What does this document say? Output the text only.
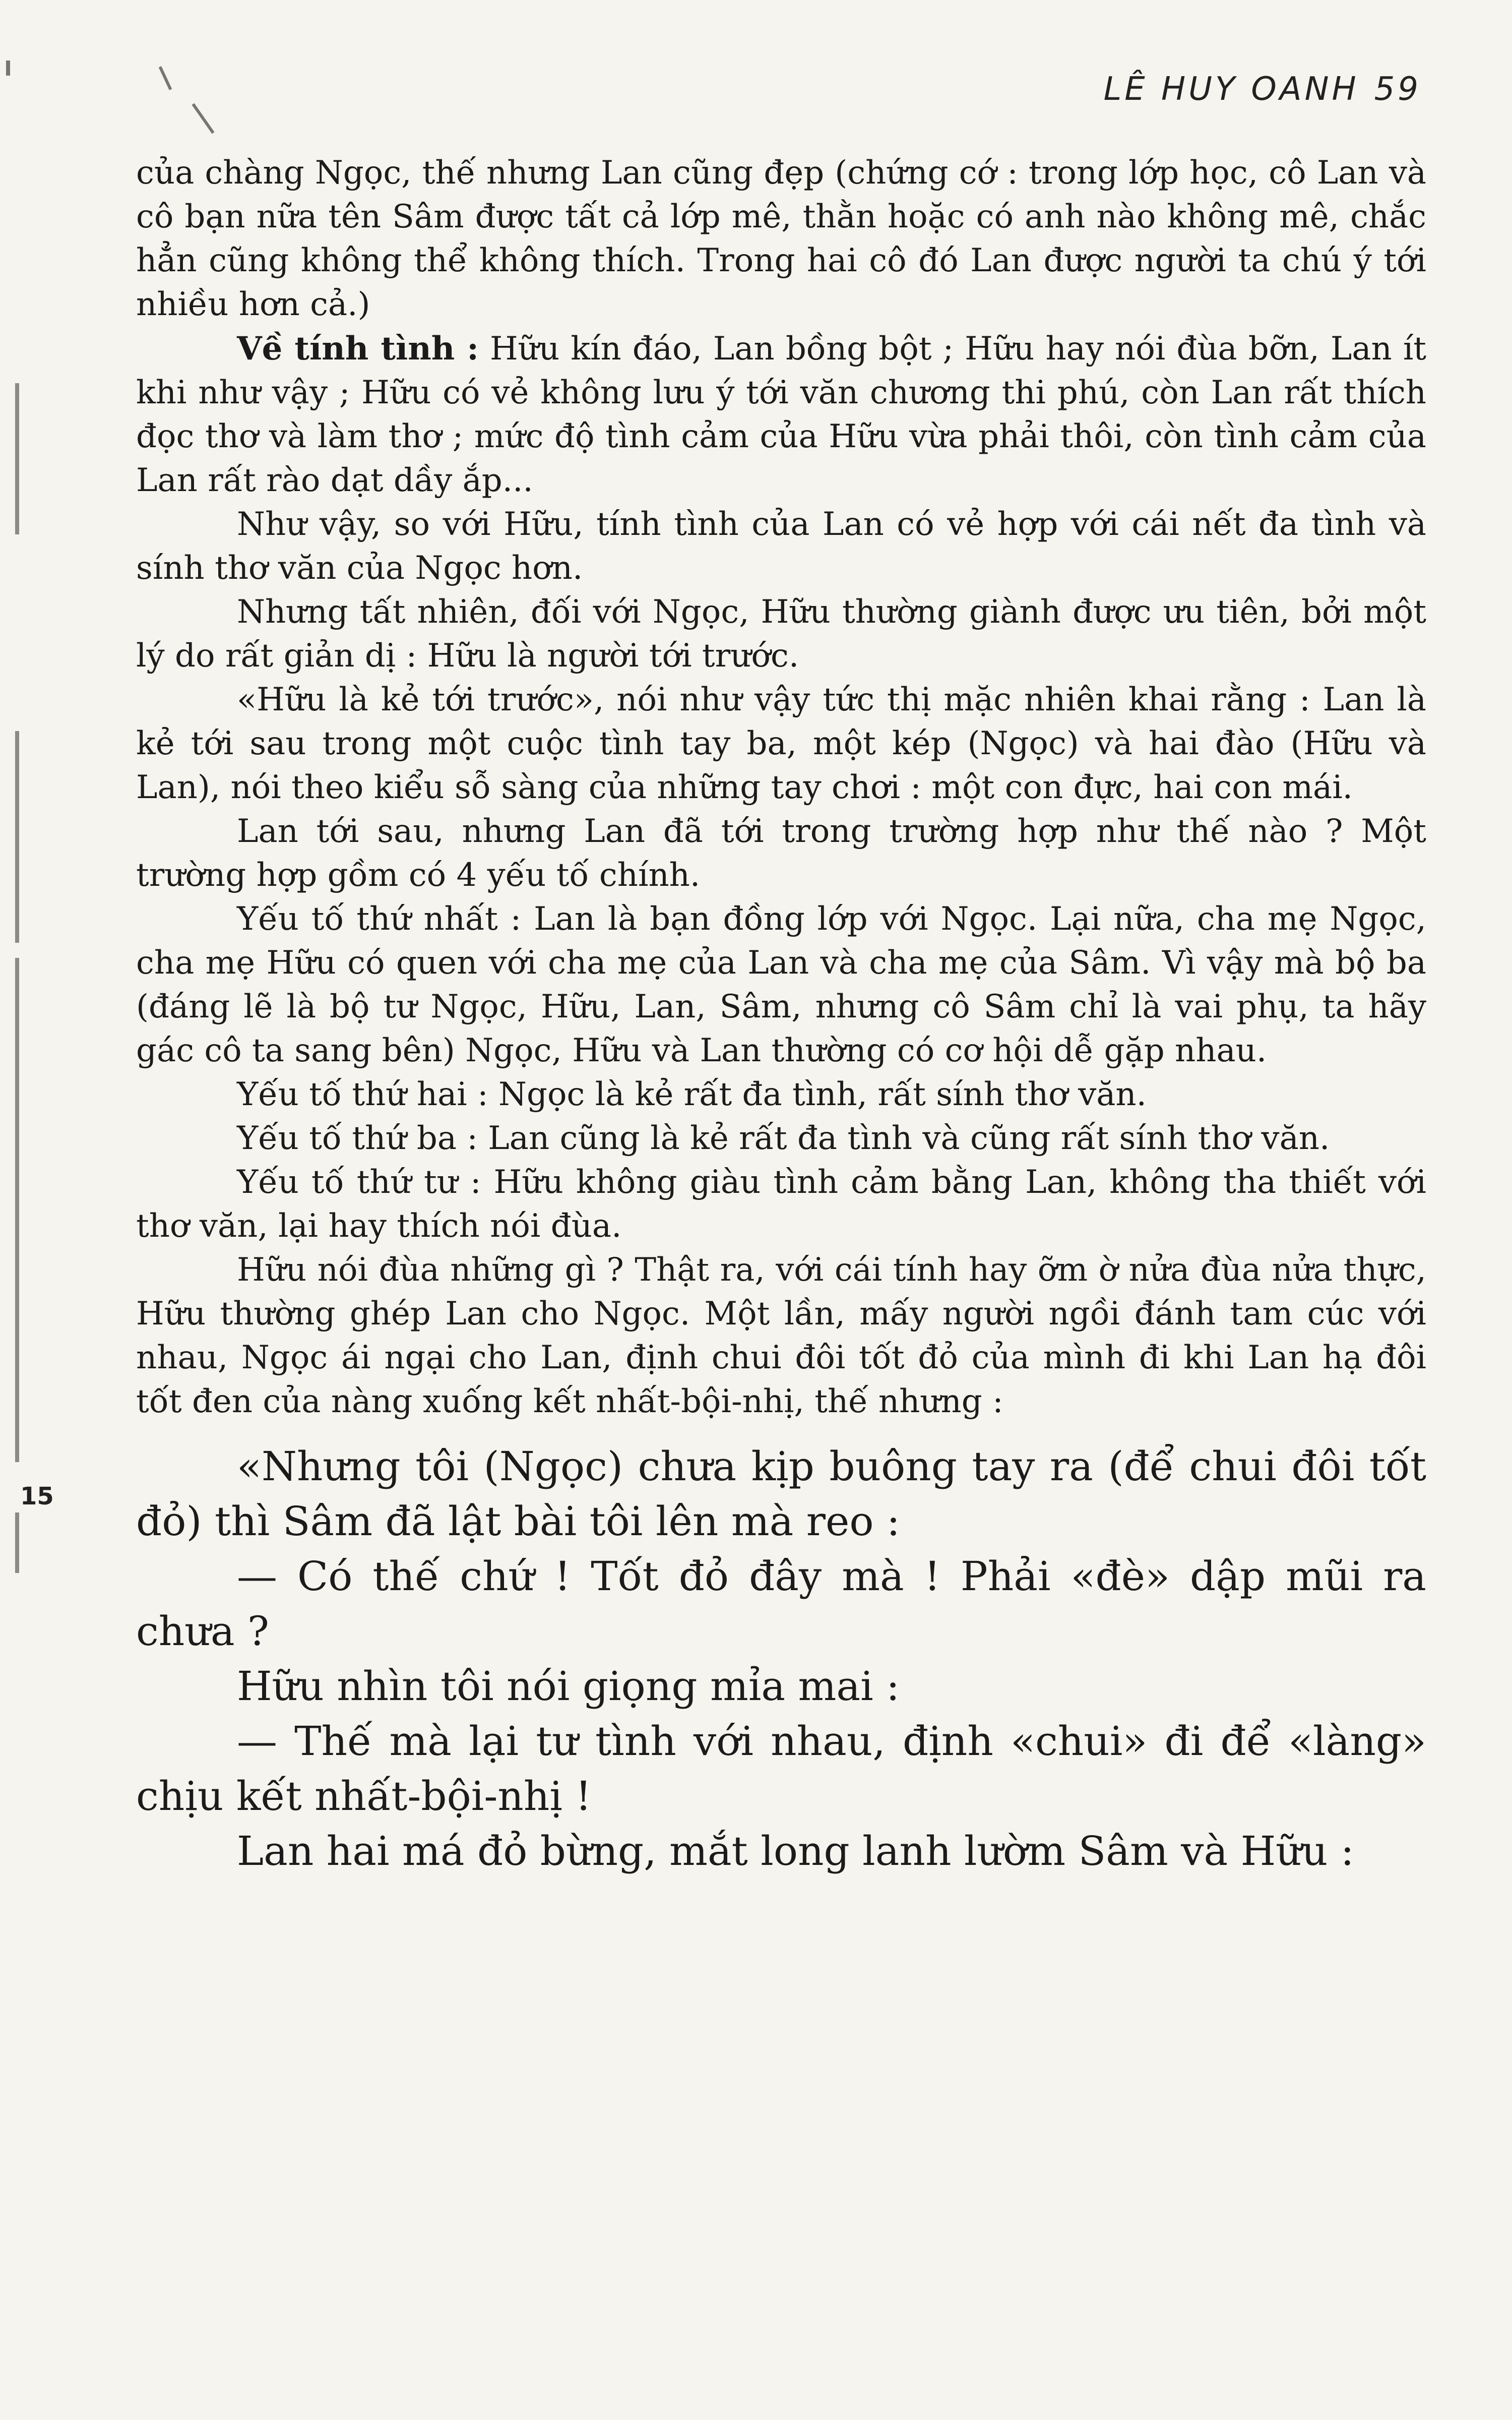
15
LÊ HUY OANH 59

của chàng Ngọc, thế nhưng Lan cũng đẹp (chứng cớ : trong lớp học, cô Lan và cô bạn nữa tên Sâm được tất cả lớp mê, thằn hoặc có anh nào không mê, chắc hẳn cũng không thể không thích. Trong hai cô đó Lan được người ta chú ý tới nhiều hơn cả.)

Về tính tình : Hữu kín đáo, Lan bồng bột ; Hữu hay nói đùa bỡn, Lan ít khi như vậy ; Hữu có vẻ không lưu ý tới văn chương thi phú, còn Lan rất thích đọc thơ và làm thơ ; mức độ tình cảm của Hữu vừa phải thôi, còn tình cảm của Lan rất rào dạt dầy ắp...

Như vậy, so với Hữu, tính tình của Lan có vẻ hợp với cái nết đa tình và sính thơ văn của Ngọc hơn.

Nhưng tất nhiên, đối với Ngọc, Hữu thường giành được ưu tiên, bởi một lý do rất giản dị : Hữu là người tới trước.

«Hữu là kẻ tới trước», nói như vậy tức thị mặc nhiên khai rằng : Lan là kẻ tới sau trong một cuộc tình tay ba, một kép (Ngọc) và hai đào (Hữu và Lan), nói theo kiểu sỗ sàng của những tay chơi : một con đực, hai con mái.

Lan tới sau, nhưng Lan đã tới trong trường hợp như thế nào ? Một trường hợp gồm có 4 yếu tố chính.

Yếu tố thứ nhất : Lan là bạn đồng lớp với Ngọc. Lại nữa, cha mẹ Ngọc, cha mẹ Hữu có quen với cha mẹ của Lan và cha mẹ của Sâm. Vì vậy mà bộ ba (đáng lẽ là bộ tư Ngọc, Hữu, Lan, Sâm, nhưng cô Sâm chỉ là vai phụ, ta hãy gác cô ta sang bên) Ngọc, Hữu và Lan thường có cơ hội dễ gặp nhau.

Yếu tố thứ hai : Ngọc là kẻ rất đa tình, rất sính thơ văn.

Yếu tố thứ ba : Lan cũng là kẻ rất đa tình và cũng rất sính thơ văn.

Yếu tố thứ tư : Hữu không giàu tình cảm bằng Lan, không tha thiết với thơ văn, lại hay thích nói đùa.

Hữu nói đùa những gì ? Thật ra, với cái tính hay ỡm ờ nửa đùa nửa thực, Hữu thường ghép Lan cho Ngọc. Một lần, mấy người ngồi đánh tam cúc với nhau, Ngọc ái ngại cho Lan, định chui đôi tốt đỏ của mình đi khi Lan hạ đôi tốt đen của nàng xuống kết nhất-bội-nhị, thế nhưng :

«Nhưng tôi (Ngọc) chưa kịp buông tay ra (để chui đôi tốt đỏ) thì Sâm đã lật bài tôi lên mà reo :

— Có thế chứ ! Tốt đỏ đây mà ! Phải «đè» dập mũi ra chưa ?

Hữu nhìn tôi nói giọng mỉa mai :

— Thế mà lại tư tình với nhau, định «chui» đi để «làng» chịu kết nhất-bội-nhị !

Lan hai má đỏ bừng, mắt long lanh lườm Sâm và Hữu :
